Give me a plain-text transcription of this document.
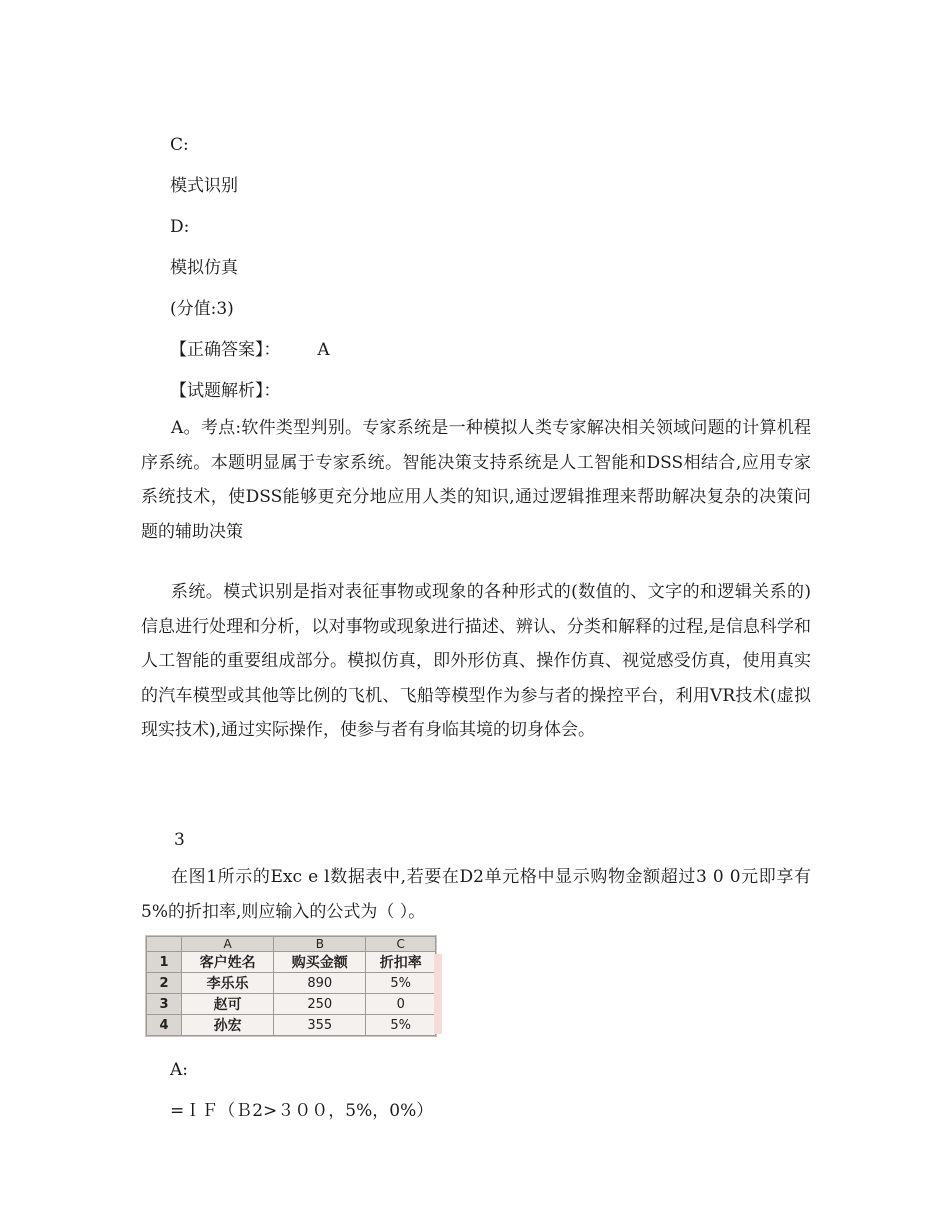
C:
模式识别
D:
模拟仿真
(分值:3)
【正确答案】： A
【试题解析】：

A。考点:软件类型判别。专家系统是一种模拟人类专家解决相关领域问题的计算机程序系统。本题明显属于专家系统。智能决策支持系统是人工智能和DSS相结合,应用专家系统技术，使DSS能够更充分地应用人类的知识,通过逻辑推理来帮助解决复杂的决策问题的辅助决策

系统。模式识别是指对表征事物或现象的各种形式的(数值的、文字的和逻辑关系的)信息进行处理和分析，以对事物或现象进行描述、辨认、分类和解释的过程,是信息科学和人工智能的重要组成部分。模拟仿真，即外形仿真、操作仿真、视觉感受仿真，使用真实的汽车模型或其他等比例的飞机、飞船等模型作为参与者的操控平台，利用VR技术(虚拟现实技术),通过实际操作，使参与者有身临其境的切身体会。

3

在图1所示的Exc e l数据表中,若要在D2单元格中显示购物金额超过3 0 0元即享有5%的折扣率,则应输入的公式为（ ）。

	A	B	C
1	客户姓名	购买金额	折扣率
2	李乐乐	890	5%
3	赵可	250	0
4	孙宏	355	5%
A:
=ＩＦ（Ｂ2>３００，5%，0%）
